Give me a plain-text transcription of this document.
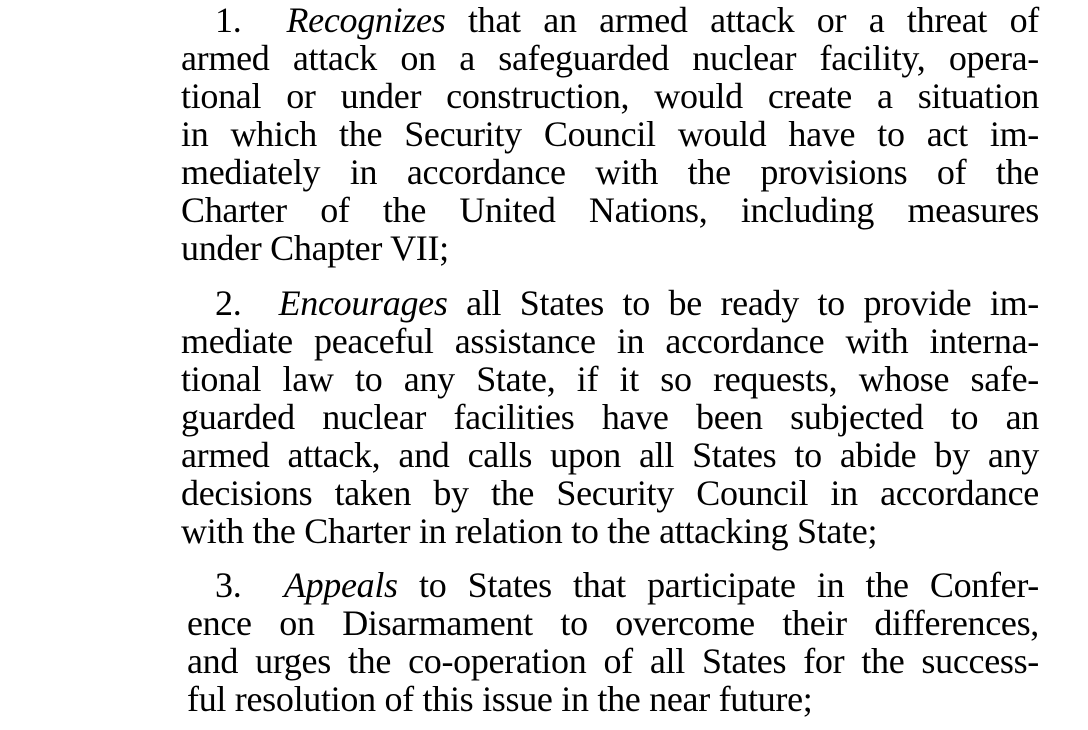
1. Recognizes that an armed attack or a threat of
armed attack on a safeguarded nuclear facility, opera-
tional or under construction, would create a situation
in which the Security Council would have to act im-
mediately in accordance with the provisions of the
Charter of the United Nations, including measures
under Chapter VII;
2. Encourages all States to be ready to provide im-
mediate peaceful assistance in accordance with interna-
tional law to any State, if it so requests, whose safe-
guarded nuclear facilities have been subjected to an
armed attack, and calls upon all States to abide by any
decisions taken by the Security Council in accordance
with the Charter in relation to the attacking State;
3. Appeals to States that participate in the Confer-
ence on Disarmament to overcome their differences,
and urges the co-operation of all States for the success-
ful resolution of this issue in the near future;
